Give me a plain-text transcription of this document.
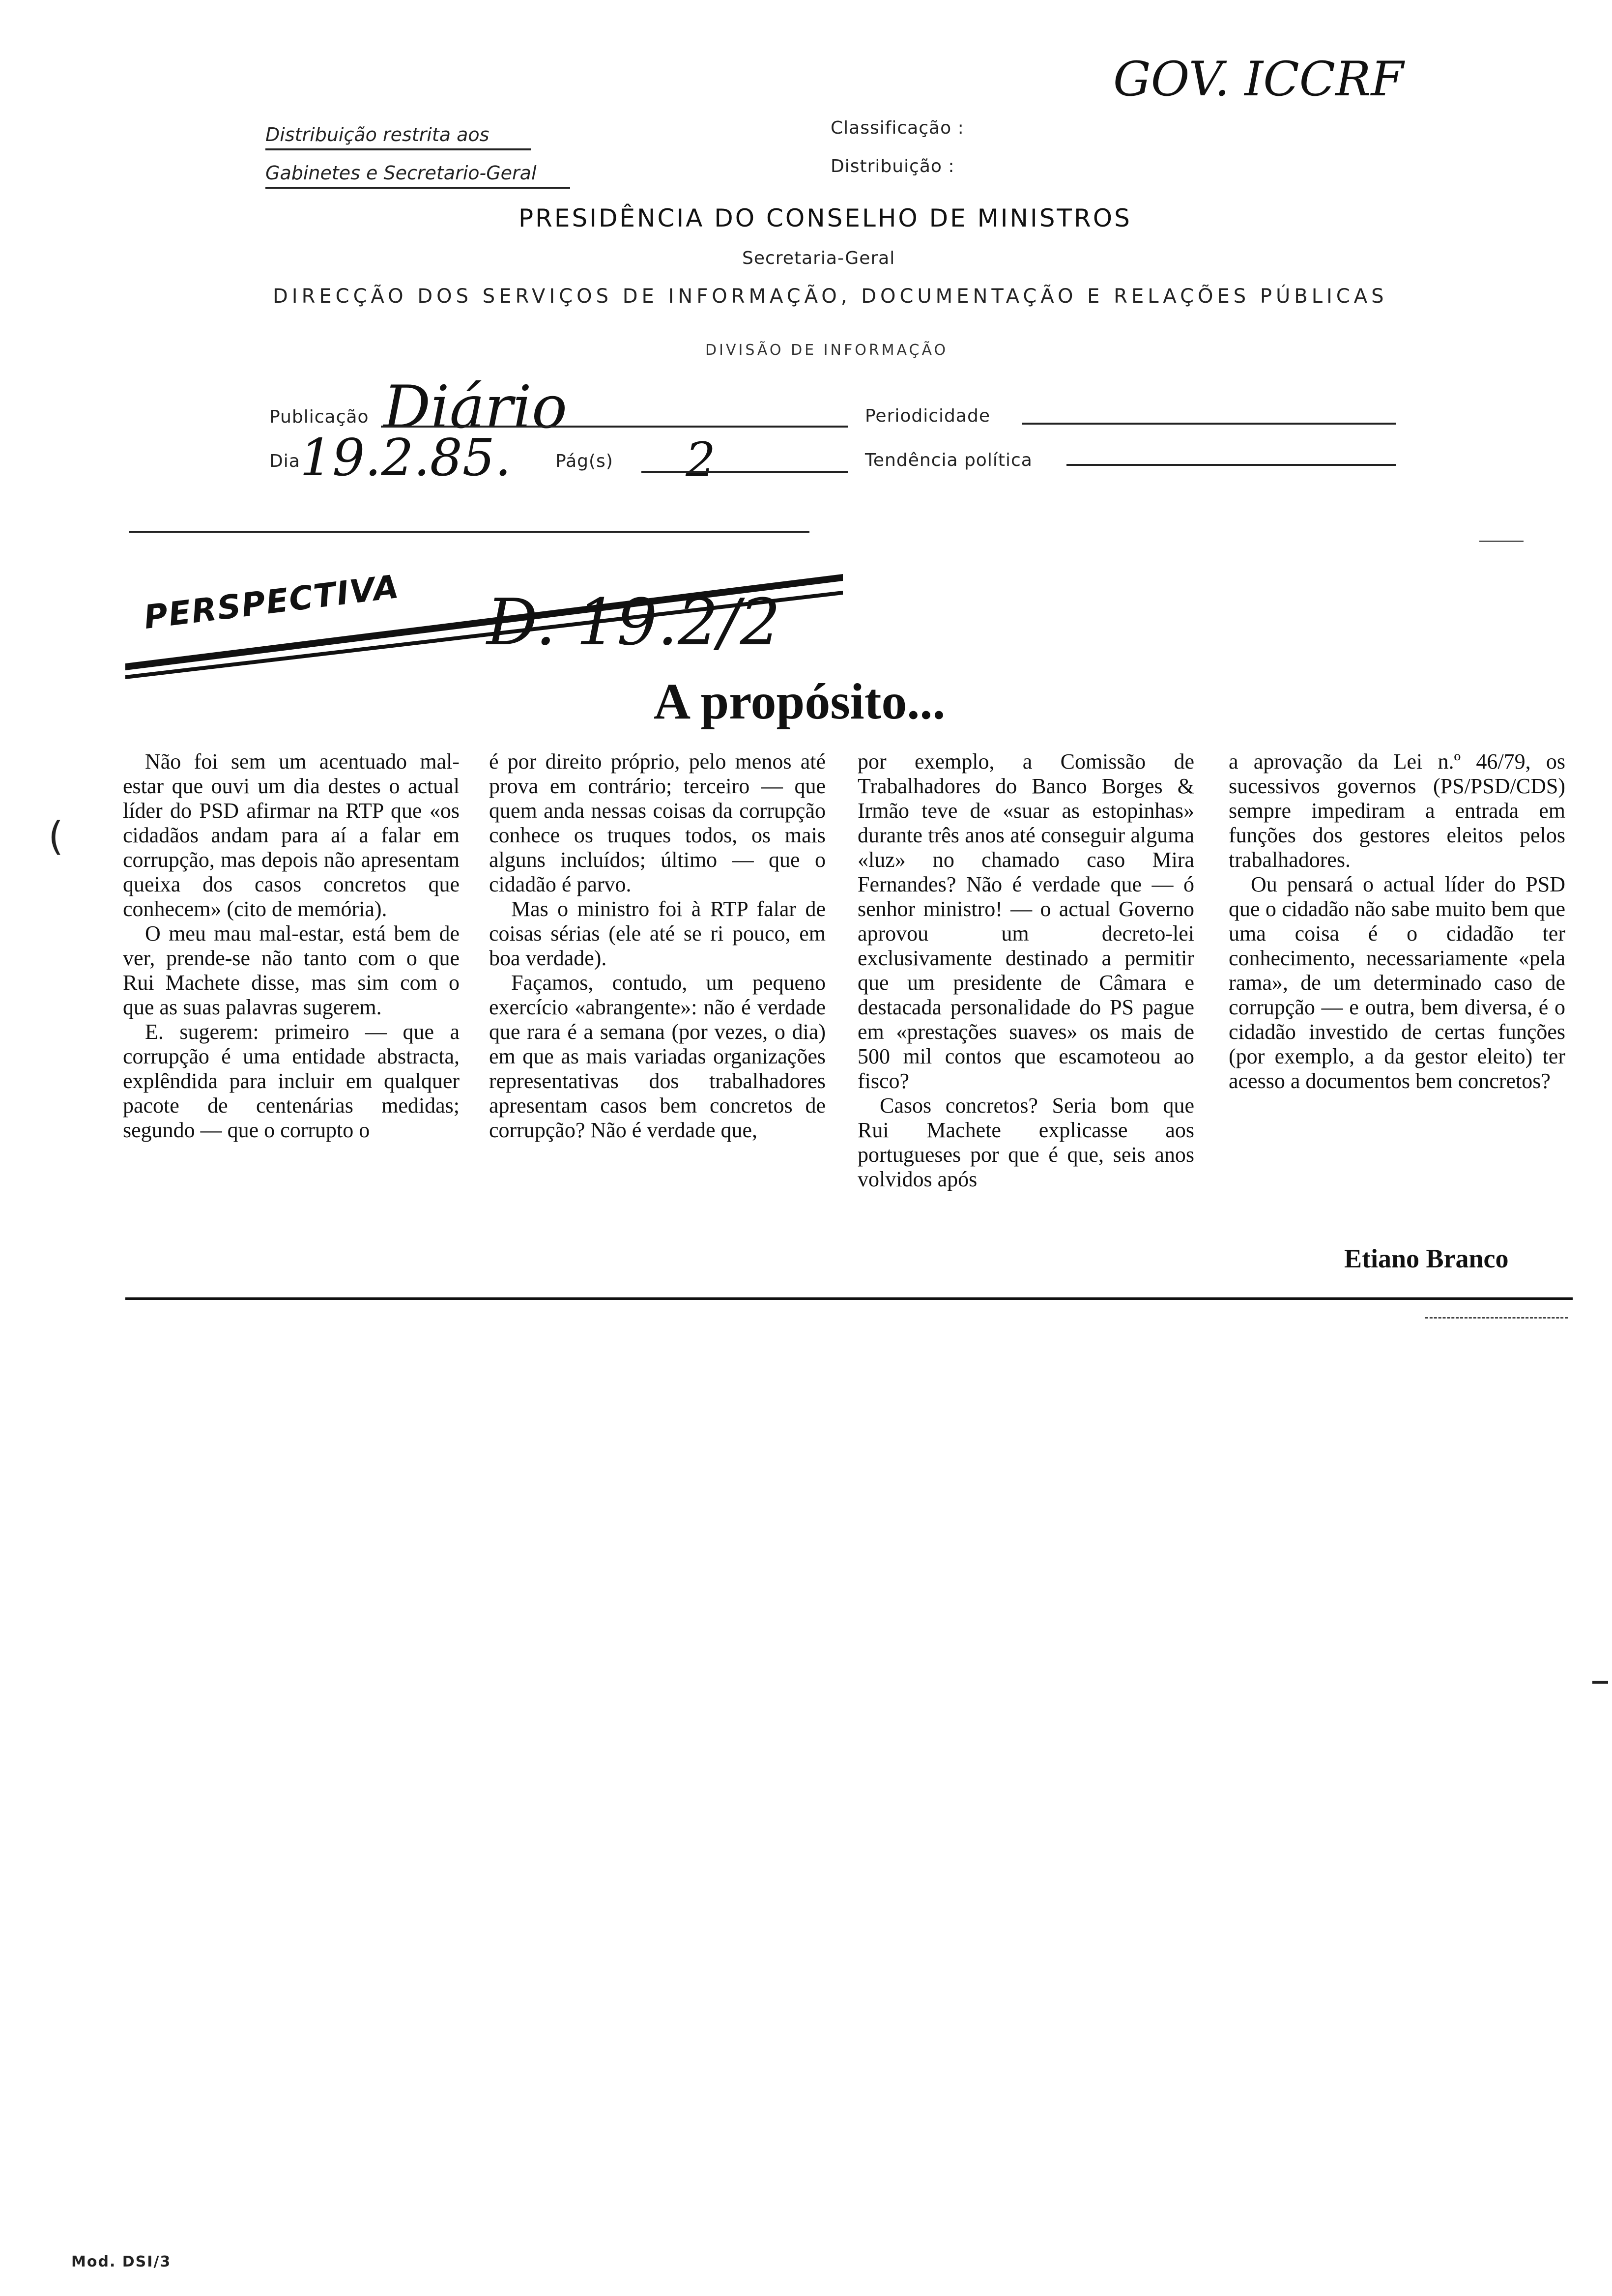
GOV. ICCRF
Distribuição restrita aos
Gabinetes e Secretario-Geral
Classificação :
Distribuição :
PRESIDÊNCIA DO CONSELHO DE MINISTROS
Secretaria-Geral
DIRECÇÃO DOS SERVIÇOS DE INFORMAÇÃO, DOCUMENTAÇÃO E RELAÇÕES PÚBLICAS
DIVISÃO DE INFORMAÇÃO
Publicação Diário	Periodicidade
Dia 19.2.85. Pág(s) 2	Tendência política
PERSPECTIVA D. 19.2/2
A propósito...

Não foi sem um acentuado mal-estar que ouvi um dia destes o actual líder do PSD afirmar na RTP que «os cidadãos andam para aí a falar em corrupção, mas depois não apresentam queixa dos casos concretos que conhecem» (cito de memória).

O meu mau mal-estar, está bem de ver, prende-se não tanto com o que Rui Machete disse, mas sim com o que as suas palavras sugerem.

E. sugerem: primeiro — que a corrupção é uma entidade abstracta, explêndida para incluir em qualquer pacote de centenárias medidas; segundo — que o corrupto o

é por direito próprio, pelo menos até prova em contrário; terceiro — que quem anda nessas coisas da corrupção conhece os truques todos, os mais alguns incluídos; último — que o cidadão é parvo.

Mas o ministro foi à RTP falar de coisas sérias (ele até se ri pouco, em boa verdade).

Façamos, contudo, um pequeno exercício «abrangente»: não é verdade que rara é a semana (por vezes, o dia) em que as mais variadas organizações representativas dos trabalhadores apresentam casos bem concretos de corrupção? Não é verdade que,

por exemplo, a Comissão de Trabalhadores do Banco Borges & Irmão teve de «suar as estopinhas» durante três anos até conseguir alguma «luz» no chamado caso Mira Fernandes? Não é verdade que — ó senhor ministro! — o actual Governo aprovou um decreto-lei exclusivamente destinado a permitir que um presidente de Câmara e destacada personalidade do PS pague em «prestações suaves» os mais de 500 mil contos que escamoteou ao fisco?

Casos concretos? Seria bom que Rui Machete explicasse aos portugueses por que é que, seis anos volvidos após

a aprovação da Lei n.º 46/79, os sucessivos governos (PS/PSD/CDS) sempre impediram a entrada em funções dos gestores eleitos pelos trabalhadores.

Ou pensará o actual líder do PSD que o cidadão não sabe muito bem que uma coisa é o cidadão ter conhecimento, necessariamente «pela rama», de um determinado caso de corrupção — e outra, bem diversa, é o cidadão investido de certas funções (por exemplo, a da gestor eleito) ter acesso a documentos bem concretos?

Etiano Branco
(
Mod. DSI/3
